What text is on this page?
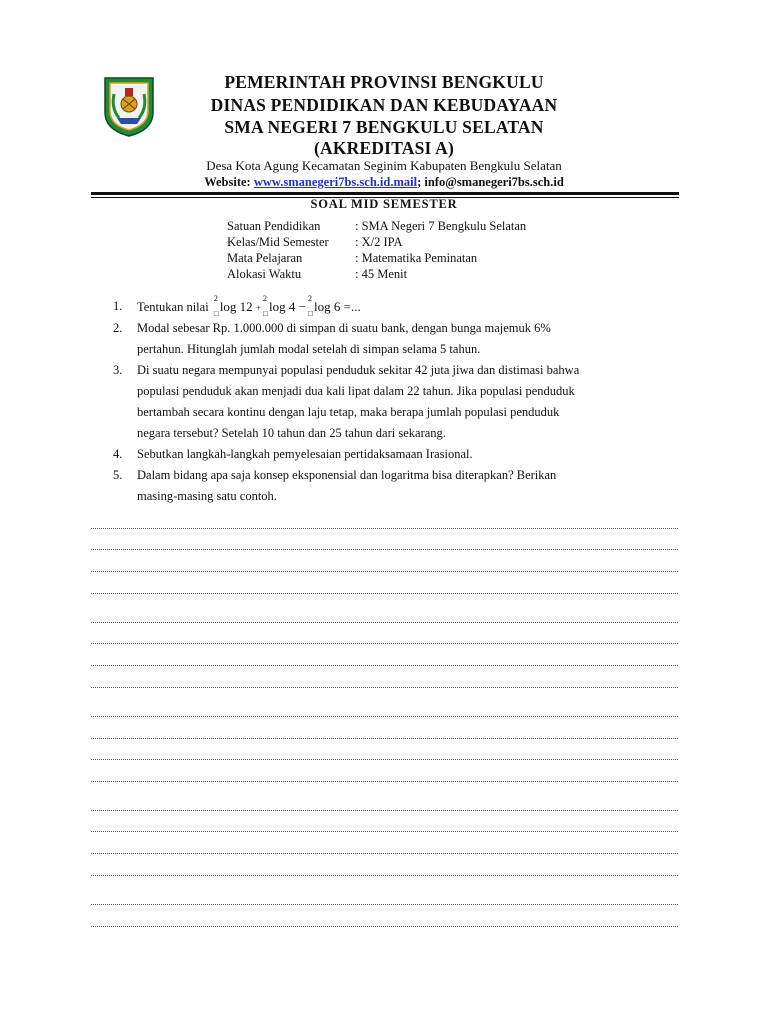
PEMERINTAH PROVINSI BENGKULU
DINAS PENDIDIKAN DAN KEBUDAYAAN
SMA NEGERI 7 BENGKULU SELATAN
(AKREDITASI A)
Desa Kota Agung Kecamatan Seginim Kabupaten Bengkulu Selatan
Website: www.smanegeri7bs.sch.id.mail; info@smanegeri7bs.sch.id
SOAL MID SEMESTER
Satuan Pendidikan	: SMA Negeri 7 Bengkulu Selatan
Kelas/Mid Semester : X/2 IPA
Mata Pelajaran	: Matematika Peminatan
Alokasi Waktu	: 45 Menit
1.	Tentukan nilai
2
□ log 12 +
2
□ log 4 −
2
□ log 6 =...
2.	Modal sebesar Rp. 1.000.000 di simpan di suatu bank, dengan bunga majemuk 6%
pertahun. Hitunglah jumlah modal setelah di simpan selama 5 tahun.
3.	Di suatu negara mempunyai populasi penduduk sekitar 42 juta jiwa dan distimasi bahwa
populasi penduduk akan menjadi dua kali lipat dalam 22 tahun. Jika populasi penduduk
bertambah secara kontinu dengan laju tetap, maka berapa jumlah populasi penduduk
negara tersebut? Setelah 10 tahun dan 25 tahun dari sekarang.
4.	Sebutkan langkah-langkah pemyelesaian pertidaksamaan Irasional.
5.	Dalam bidang apa saja konsep eksponensial dan logaritma bisa diterapkan? Berikan
masing-masing satu contoh.
